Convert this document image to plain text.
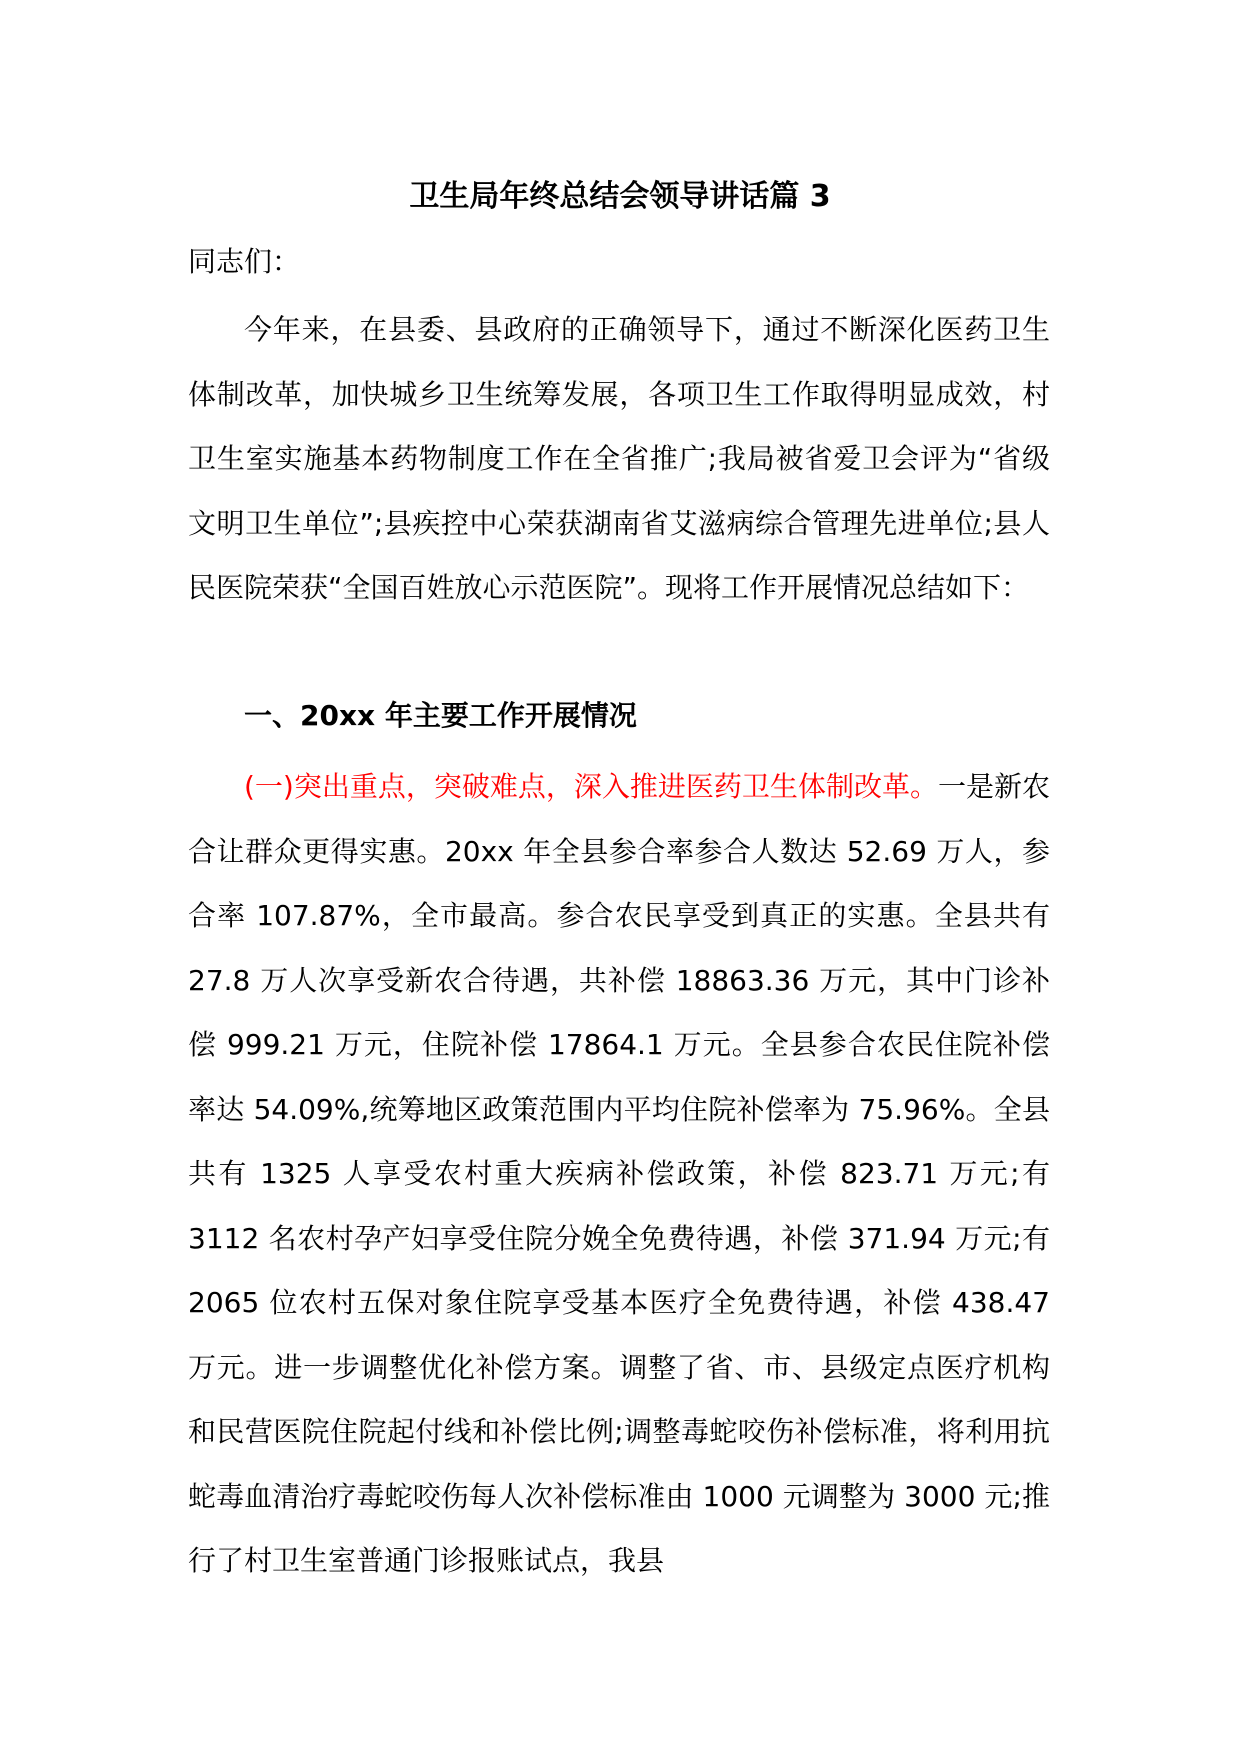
卫生局年终总结会领导讲话篇 3
同志们：

今年来，在县委、县政府的正确领导下，通过不断深化医药卫生体制改革，加快城乡卫生统筹发展，各项卫生工作取得明显成效，村卫生室实施基本药物制度工作在全省推广;我局被省爱卫会评为“省级文明卫生单位”;县疾控中心荣获湖南省艾滋病综合管理先进单位;县人民医院荣获“全国百姓放心示范医院”。现将工作开展情况总结如下：

一、20xx 年主要工作开展情况

(一)突出重点，突破难点，深入推进医药卫生体制改革。一是新农合让群众更得实惠。20xx 年全县参合率参合人数达 52.69 万人，参合率 107.87%，全市最高。参合农民享受到真正的实惠。全县共有 27.8 万人次享受新农合待遇，共补偿 18863.36 万元，其中门诊补偿 999.21 万元，住院补偿 17864.1 万元。全县参合农民住院补偿率达 54.09%,统筹地区政策范围内平均住院补偿率为 75.96%。全县共有 1325 人享受农村重大疾病补偿政策，补偿 823.71 万元;有 3112 名农村孕产妇享受住院分娩全免费待遇，补偿 371.94 万元;有 2065 位农村五保对象住院享受基本医疗全免费待遇，补偿 438.47 万元。进一步调整优化补偿方案。调整了省、市、县级定点医疗机构和民营医院住院起付线和补偿比例;调整毒蛇咬伤补偿标准，将利用抗蛇毒血清治疗毒蛇咬伤每人次补偿标准由 1000 元调整为 3000 元;推行了村卫生室普通门诊报账试点，我县
